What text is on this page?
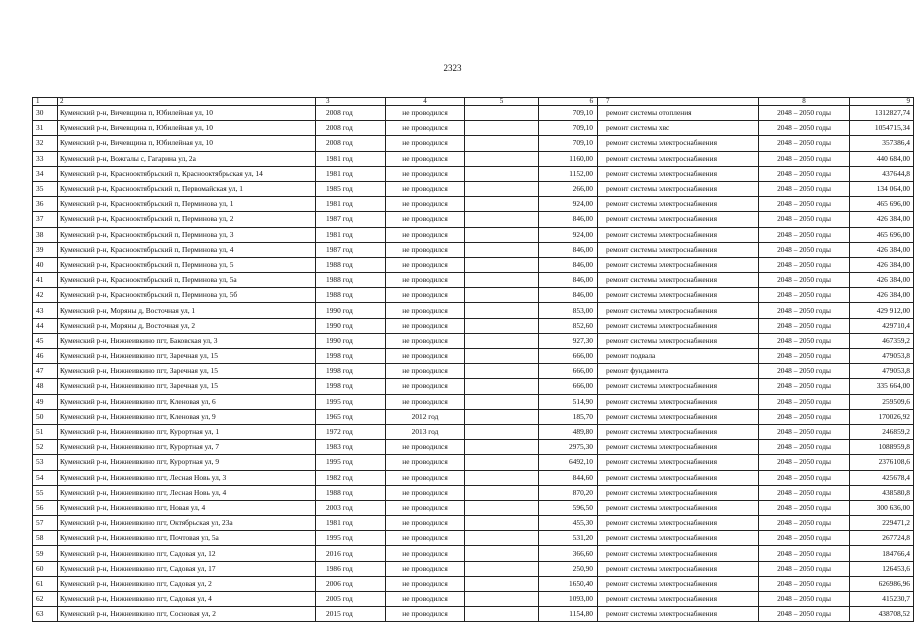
2323
1	2	3	4	5	6	7	8	9
30	Куменский р-н, Вичевщина п, Юбилейная ул, 10	2008 год	не проводился		709,10	ремонт системы отопления	2048 – 2050 годы	1312827,74
31	Куменский р-н, Вичевщина п, Юбилейная ул, 10	2008 год	не проводился		709,10	ремонт системы хвс	2048 – 2050 годы	1054715,34
32	Куменский р-н, Вичевщина п, Юбилейная ул, 10	2008 год	не проводился		709,10	ремонт системы электроснабжения	2048 – 2050 годы	357386,4
33	Куменский р-н, Вожгалы с, Гагарина ул, 2а	1981 год	не проводился		1160,00	ремонт системы электроснабжения	2048 – 2050 годы	440 684,00
34	Куменский р-н, Краснооктябрьский п, Краснооктябрьская ул, 14	1981 год	не проводился		1152,00	ремонт системы электроснабжения	2048 – 2050 годы	437644,8
35	Куменский р-н, Краснооктябрьский п, Первомайская ул, 1	1985 год	не проводился		266,00	ремонт системы электроснабжения	2048 – 2050 годы	134 064,00
36	Куменский р-н, Краснооктябрьский п, Перминова ул, 1	1981 год	не проводился		924,00	ремонт системы электроснабжения	2048 – 2050 годы	465 696,00
37	Куменский р-н, Краснооктябрьский п, Перминова ул, 2	1987 год	не проводился		846,00	ремонт системы электроснабжения	2048 – 2050 годы	426 384,00
38	Куменский р-н, Краснооктябрьский п, Перминова ул, 3	1981 год	не проводился		924,00	ремонт системы электроснабжения	2048 – 2050 годы	465 696,00
39	Куменский р-н, Краснооктябрьский п, Перминова ул, 4	1987 год	не проводился		846,00	ремонт системы электроснабжения	2048 – 2050 годы	426 384,00
40	Куменский р-н, Краснооктябрьский п, Перминова ул, 5	1988 год	не проводился		846,00	ремонт системы электроснабжения	2048 – 2050 годы	426 384,00
41	Куменский р-н, Краснооктябрьский п, Перминова ул, 5а	1988 год	не проводился		846,00	ремонт системы электроснабжения	2048 – 2050 годы	426 384,00
42	Куменский р-н, Краснооктябрьский п, Перминова ул, 5б	1988 год	не проводился		846,00	ремонт системы электроснабжения	2048 – 2050 годы	426 384,00
43	Куменский р-н, Моряны д, Восточная ул, 1	1990 год	не проводился		853,00	ремонт системы электроснабжения	2048 – 2050 годы	429 912,00
44	Куменский р-н, Моряны д, Восточная ул, 2	1990 год	не проводился		852,60	ремонт системы электроснабжения	2048 – 2050 годы	429710,4
45	Куменский р-н, Нижнеивкино пгт, Баковская ул, 3	1990 год	не проводился		927,30	ремонт системы электроснабжения	2048 – 2050 годы	467359,2
46	Куменский р-н, Нижнеивкино пгт, Заречная ул, 15	1998 год	не проводился		666,00	ремонт подвала	2048 – 2050 годы	479053,8
47	Куменский р-н, Нижнеивкино пгт, Заречная ул, 15	1998 год	не проводился		666,00	ремонт фундамента	2048 – 2050 годы	479053,8
48	Куменский р-н, Нижнеивкино пгт, Заречная ул, 15	1998 год	не проводился		666,00	ремонт системы электроснабжения	2048 – 2050 годы	335 664,00
49	Куменский р-н, Нижнеивкино пгт, Кленовая ул, 6	1995 год	не проводился		514,90	ремонт системы электроснабжения	2048 – 2050 годы	259509,6
50	Куменский р-н, Нижнеивкино пгт, Кленовая ул, 9	1965 год	2012 год		185,70	ремонт системы электроснабжения	2048 – 2050 годы	170026,92
51	Куменский р-н, Нижнеивкино пгт, Курортная ул, 1	1972 год	2013 год		489,80	ремонт системы электроснабжения	2048 – 2050 годы	246859,2
52	Куменский р-н, Нижнеивкино пгт, Курортная ул, 7	1983 год	не проводился		2975,30	ремонт системы электроснабжения	2048 – 2050 годы	1088959,8
53	Куменский р-н, Нижнеивкино пгт, Курортная ул, 9	1995 год	не проводился		6492,10	ремонт системы электроснабжения	2048 – 2050 годы	2376108,6
54	Куменский р-н, Нижнеивкино пгт, Лесная Новь ул, 3	1982 год	не проводился		844,60	ремонт системы электроснабжения	2048 – 2050 годы	425678,4
55	Куменский р-н, Нижнеивкино пгт, Лесная Новь ул, 4	1988 год	не проводился		870,20	ремонт системы электроснабжения	2048 – 2050 годы	438580,8
56	Куменский р-н, Нижнеивкино пгт, Новая ул, 4	2003 год	не проводился		596,50	ремонт системы электроснабжения	2048 – 2050 годы	300 636,00
57	Куменский р-н, Нижнеивкино пгт, Октябрьская ул, 23а	1981 год	не проводился		455,30	ремонт системы электроснабжения	2048 – 2050 годы	229471,2
58	Куменский р-н, Нижнеивкино пгт, Почтовая ул, 5а	1995 год	не проводился		531,20	ремонт системы электроснабжения	2048 – 2050 годы	267724,8
59	Куменский р-н, Нижнеивкино пгт, Садовая ул, 12	2016 год	не проводился		366,60	ремонт системы электроснабжения	2048 – 2050 годы	184766,4
60	Куменский р-н, Нижнеивкино пгт, Садовая ул, 17	1986 год	не проводился		250,90	ремонт системы электроснабжения	2048 – 2050 годы	126453,6
61	Куменский р-н, Нижнеивкино пгт, Садовая ул, 2	2006 год	не проводился		1650,40	ремонт системы электроснабжения	2048 – 2050 годы	626986,96
62	Куменский р-н, Нижнеивкино пгт, Садовая ул, 4	2005 год	не проводился		1093,00	ремонт системы электроснабжения	2048 – 2050 годы	415230,7
63	Куменский р-н, Нижнеивкино пгт, Сосновая ул, 2	2015 год	не проводился		1154,80	ремонт системы электроснабжения	2048 – 2050 годы	438708,52
